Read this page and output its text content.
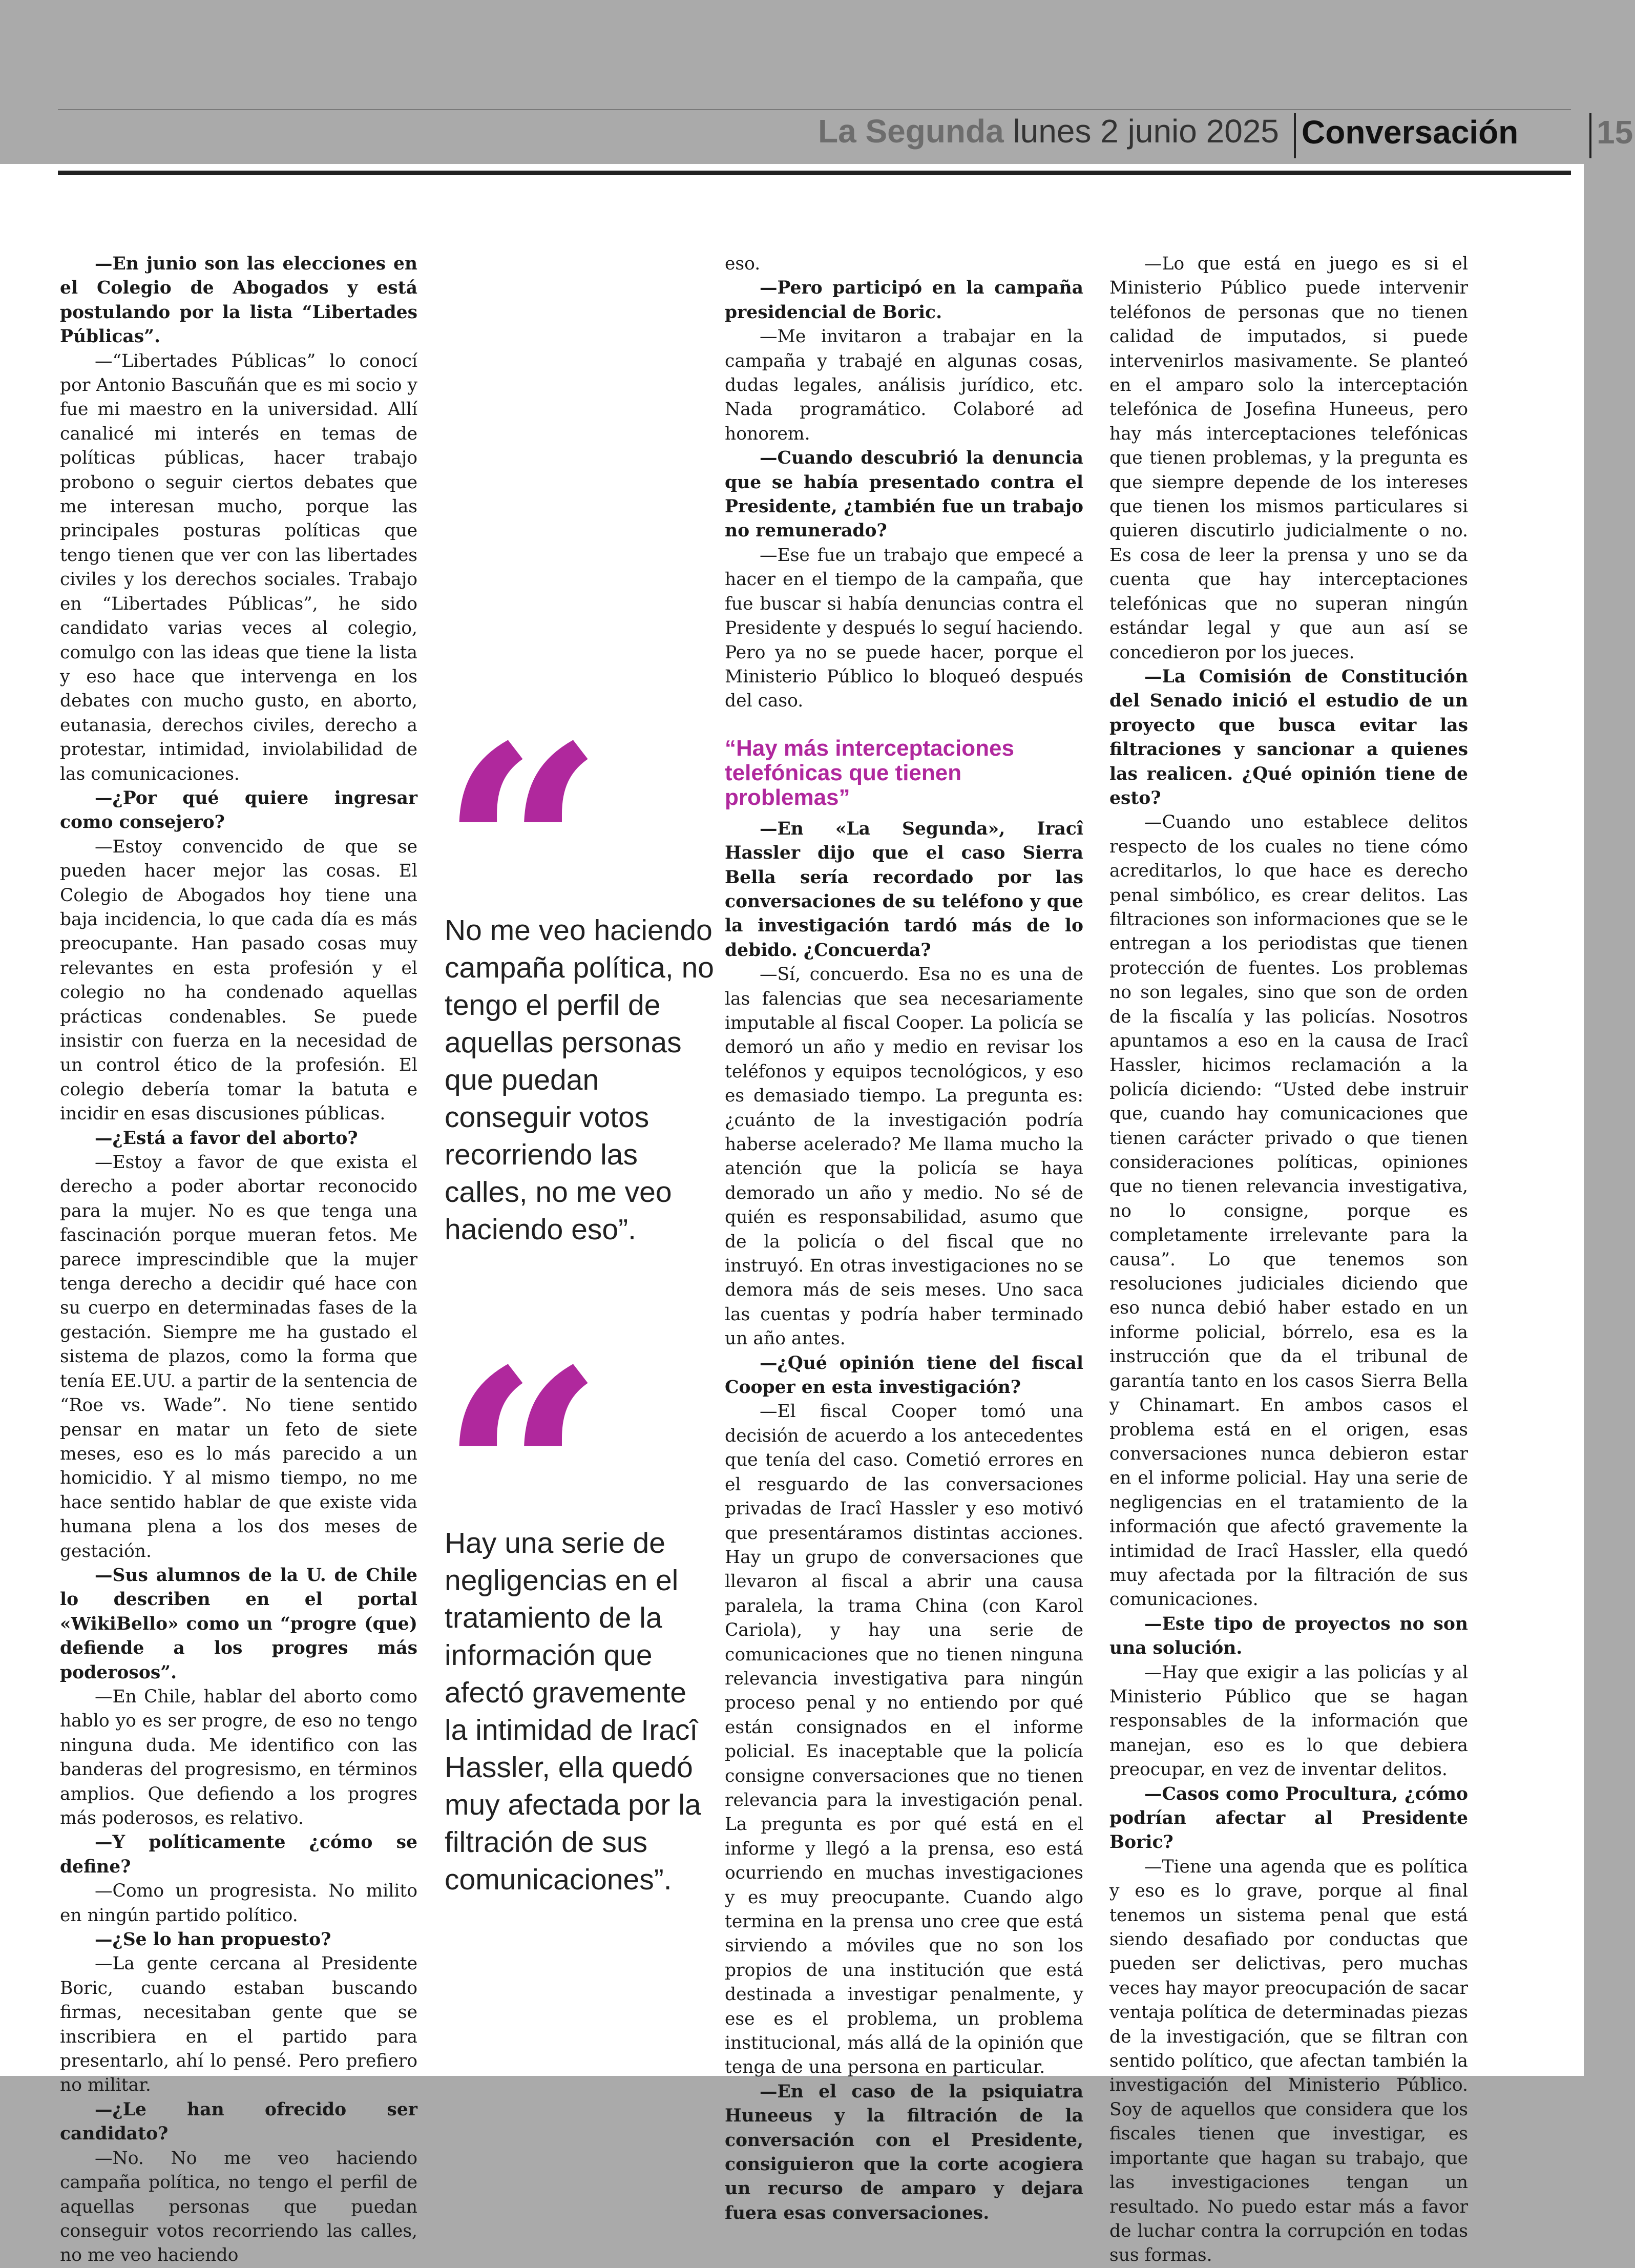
La Segunda lunes 2 junio 2025 Conversación 15

—En junio son las elecciones en el Colegio de Abogados y está postulando por la lista “Libertades Públicas”.

—“Libertades Públicas” lo conocí por Antonio Bascuñán que es mi socio y fue mi maestro en la universidad. Allí canalicé mi interés en temas de políticas públicas, hacer trabajo probono o seguir ciertos debates que me interesan mucho, porque las principales posturas políticas que tengo tienen que ver con las libertades civiles y los derechos sociales. Trabajo en “Libertades Públicas”, he sido candidato varias veces al colegio, comulgo con las ideas que tiene la lista y eso hace que intervenga en los debates con mucho gusto, en aborto, eutanasia, derechos civiles, derecho a protestar, intimidad, inviolabilidad de las comunicaciones.

—¿Por qué quiere ingresar como consejero?

—Estoy convencido de que se pueden hacer mejor las cosas. El Colegio de Abogados hoy tiene una baja incidencia, lo que cada día es más preocupante. Han pasado cosas muy relevantes en esta profesión y el colegio no ha condenado aquellas prácticas condenables. Se puede insistir con fuerza en la necesidad de un control ético de la profesión. El colegio debería tomar la batuta e incidir en esas discusiones públicas.

—¿Está a favor del aborto?

—Estoy a favor de que exista el derecho a poder abortar reconocido para la mujer. No es que tenga una fascinación porque mueran fetos. Me parece imprescindible que la mujer tenga derecho a decidir qué hace con su cuerpo en determinadas fases de la gestación. Siempre me ha gustado el sistema de plazos, como la forma que tenía EE.UU. a partir de la sentencia de “Roe vs. Wade”. No tiene sentido pensar en matar un feto de siete meses, eso es lo más parecido a un homicidio. Y al mismo tiempo, no me hace sentido hablar de que existe vida humana plena a los dos meses de gestación.

—Sus alumnos de la U. de Chile lo describen en el portal «WikiBello» como un “progre (que) defiende a los progres más poderosos”.

—En Chile, hablar del aborto como hablo yo es ser progre, de eso no tengo ninguna duda. Me identifico con las banderas del progresismo, en términos amplios. Que defiendo a los progres más poderosos, es relativo.

—Y políticamente ¿cómo se define?

—Como un progresista. No milito en ningún partido político.

—¿Se lo han propuesto?

—La gente cercana al Presidente Boric, cuando estaban buscando firmas, necesitaban gente que se inscribiera en el partido para presentarlo, ahí lo pensé. Pero prefiero no militar.

—¿Le han ofrecido ser candidato?

—No. No me veo haciendo campaña política, no tengo el perfil de aquellas personas que puedan conseguir votos recorriendo las calles, no me veo haciendo

No me veo haciendo campaña política, no tengo el perfil de aquellas personas que puedan conseguir votos recorriendo las calles, no me veo haciendo eso”.
Hay una serie de negligencias en el tratamiento de la información que afectó gravemente la intimidad de Iracî Hassler, ella quedó muy afectada por la filtración de sus comunicaciones”.

eso.

—Pero participó en la campaña presidencial de Boric.

—Me invitaron a trabajar en la campaña y trabajé en algunas cosas, dudas legales, análisis jurídico, etc. Nada programático. Colaboré ad honorem.

—Cuando descubrió la denuncia que se había presentado contra el Presidente, ¿también fue un trabajo no remunerado?

—Ese fue un trabajo que empecé a hacer en el tiempo de la campaña, que fue buscar si había denuncias contra el Presidente y después lo seguí haciendo. Pero ya no se puede hacer, porque el Ministerio Público lo bloqueó después del caso.

“Hay más interceptaciones telefónicas que tienen problemas”

—En «La Segunda», Iracî Hassler dijo que el caso Sierra Bella sería recordado por las conversaciones de su teléfono y que la investigación tardó más de lo debido. ¿Concuerda?

—Sí, concuerdo. Esa no es una de las falencias que sea necesariamente imputable al fiscal Cooper. La policía se demoró un año y medio en revisar los teléfonos y equipos tecnológicos, y eso es demasiado tiempo. La pregunta es: ¿cuánto de la investigación podría haberse acelerado? Me llama mucho la atención que la policía se haya demorado un año y medio. No sé de quién es responsabilidad, asumo que de la policía o del fiscal que no instruyó. En otras investigaciones no se demora más de seis meses. Uno saca las cuentas y podría haber terminado un año antes.

—¿Qué opinión tiene del fiscal Cooper en esta investigación?

—El fiscal Cooper tomó una decisión de acuerdo a los antecedentes que tenía del caso. Cometió errores en el resguardo de las conversaciones privadas de Iracî Hassler y eso motivó que presentáramos distintas acciones. Hay un grupo de conversaciones que llevaron al fiscal a abrir una causa paralela, la trama China (con Karol Cariola), y hay una serie de comunicaciones que no tienen ninguna relevancia investigativa para ningún proceso penal y no entiendo por qué están consignados en el informe policial. Es inaceptable que la policía consigne conversaciones que no tienen relevancia para la investigación penal. La pregunta es por qué está en el informe y llegó a la prensa, eso está ocurriendo en muchas investigaciones y es muy preocupante. Cuando algo termina en la prensa uno cree que está sirviendo a móviles que no son los propios de una institución que está destinada a investigar penalmente, y ese es el problema, un problema institucional, más allá de la opinión que tenga de una persona en particular.

—En el caso de la psiquiatra Huneeus y la filtración de la conversación con el Presidente, consiguieron que la corte acogiera un recurso de amparo y dejara fuera esas conversaciones.

—Lo que está en juego es si el Ministerio Público puede intervenir teléfonos de personas que no tienen calidad de imputados, si puede intervenirlos masivamente. Se planteó en el amparo solo la interceptación telefónica de Josefina Huneeus, pero hay más interceptaciones telefónicas que tienen problemas, y la pregunta es que siempre depende de los intereses que tienen los mismos particulares si quieren discutirlo judicialmente o no. Es cosa de leer la prensa y uno se da cuenta que hay interceptaciones telefónicas que no superan ningún estándar legal y que aun así se concedieron por los jueces.

—La Comisión de Constitución del Senado inició el estudio de un proyecto que busca evitar las filtraciones y sancionar a quienes las realicen. ¿Qué opinión tiene de esto?

—Cuando uno establece delitos respecto de los cuales no tiene cómo acreditarlos, lo que hace es derecho penal simbólico, es crear delitos. Las filtraciones son informaciones que se le entregan a los periodistas que tienen protección de fuentes. Los problemas no son legales, sino que son de orden de la fiscalía y las policías. Nosotros apuntamos a eso en la causa de Iracî Hassler, hicimos reclamación a la policía diciendo: “Usted debe instruir que, cuando hay comunicaciones que tienen carácter privado o que tienen consideraciones políticas, opiniones que no tienen relevancia investigativa, no lo consigne, porque es completamente irrelevante para la causa”. Lo que tenemos son resoluciones judiciales diciendo que eso nunca debió haber estado en un informe policial, bórrelo, esa es la instrucción que da el tribunal de garantía tanto en los casos Sierra Bella y Chinamart. En ambos casos el problema está en el origen, esas conversaciones nunca debieron estar en el informe policial. Hay una serie de negligencias en el tratamiento de la información que afectó gravemente la intimidad de Iracî Hassler, ella quedó muy afectada por la filtración de sus comunicaciones.

—Este tipo de proyectos no son una solución.

—Hay que exigir a las policías y al Ministerio Público que se hagan responsables de la información que manejan, eso es lo que debiera preocupar, en vez de inventar delitos.

—Casos como Procultura, ¿cómo podrían afectar al Presidente Boric?

—Tiene una agenda que es política y eso es lo grave, porque al final tenemos un sistema penal que está siendo desafiado por conductas que pueden ser delictivas, pero muchas veces hay mayor preocupación de sacar ventaja política de determinadas piezas de la investigación, que se filtran con sentido político, que afectan también la investigación del Ministerio Público. Soy de aquellos que considera que los fiscales tienen que investigar, es importante que hagan su trabajo, que las investigaciones tengan un resultado. No puedo estar más a favor de luchar contra la corrupción en todas sus formas.
